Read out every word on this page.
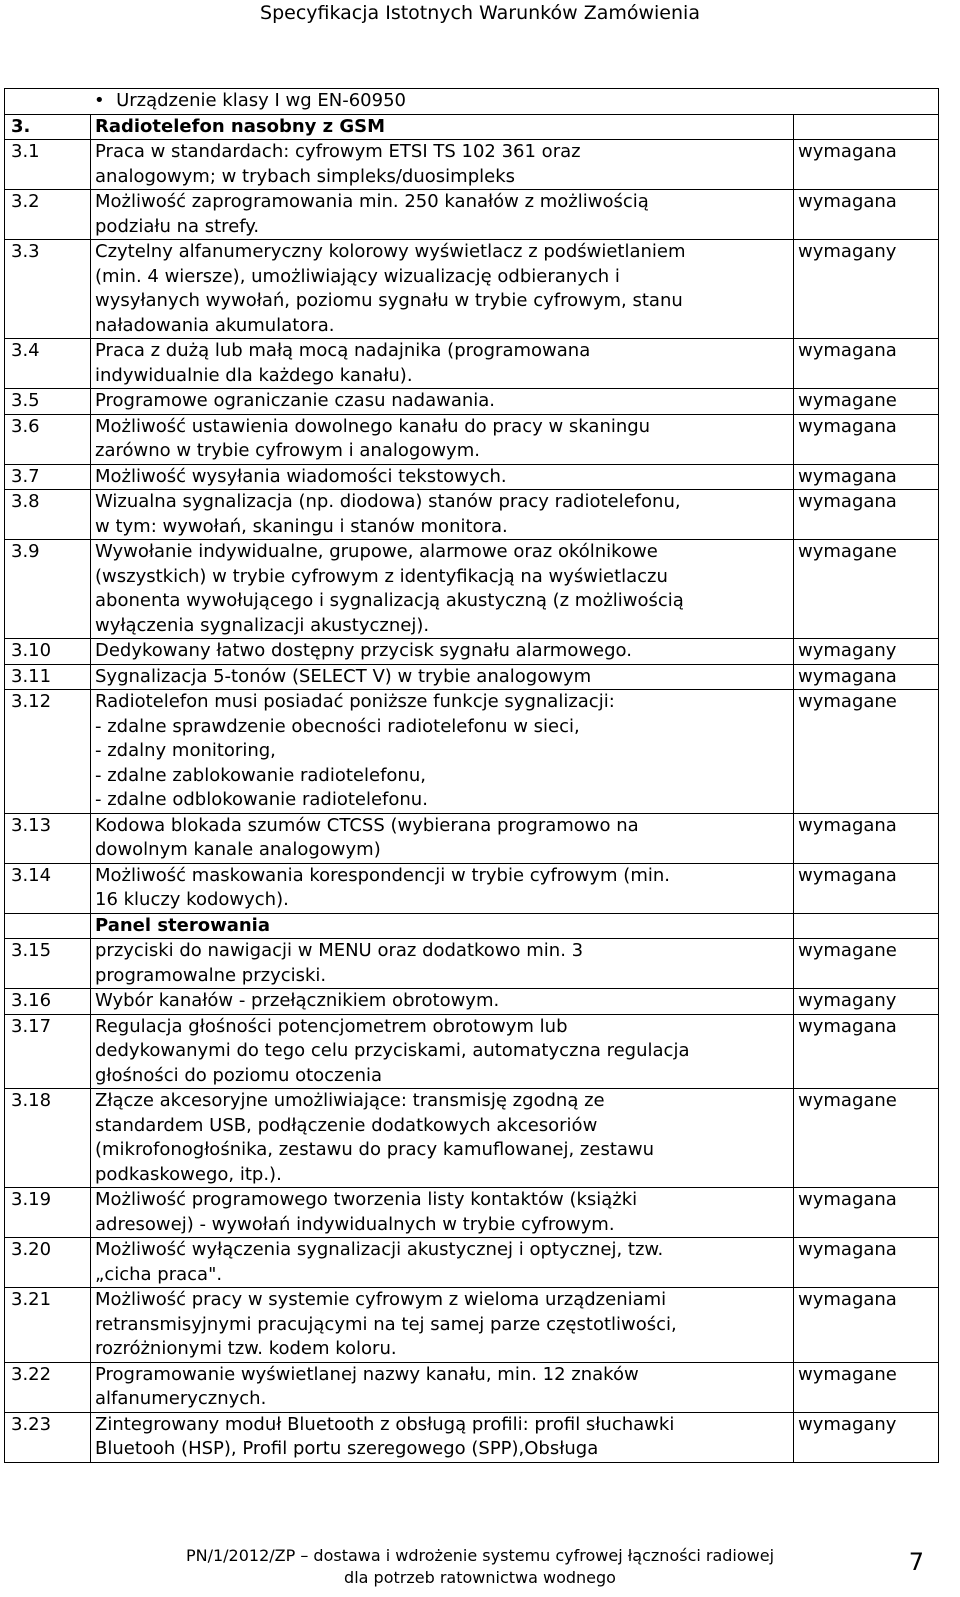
Specyfikacja Istotnych Warunków Zamówienia
•  Urządzenie klasy I wg EN-60950		

3.	Radiotelefon nasobny z GSM	
3.1	Praca w standardach: cyfrowym ETSI TS 102 361 oraz
analogowym; w trybach simpleks/duosimpleks	wymagana
3.2	Możliwość zaprogramowania min. 250 kanałów z możliwością
podziału na strefy.	wymagana
3.3	Czytelny alfanumeryczny kolorowy wyświetlacz z podświetlaniem
(min. 4 wiersze), umożliwiający wizualizację odbieranych i
wysyłanych wywołań, poziomu sygnału w trybie cyfrowym, stanu
naładowania akumulatora.	wymagany
3.4	Praca z dużą lub małą mocą nadajnika (programowana
indywidualnie dla każdego kanału).	wymagana
3.5	Programowe ograniczanie czasu nadawania.	wymagane
3.6	Możliwość ustawienia dowolnego kanału do pracy w skaningu
zarówno w trybie cyfrowym i analogowym.	wymagana
3.7	Możliwość wysyłania wiadomości tekstowych.	wymagana
3.8	Wizualna sygnalizacja (np. diodowa) stanów pracy radiotelefonu,
w tym: wywołań, skaningu i stanów monitora.	wymagana
3.9	Wywołanie indywidualne, grupowe, alarmowe oraz okólnikowe
(wszystkich) w trybie cyfrowym z identyfikacją na wyświetlaczu
abonenta wywołującego i sygnalizacją akustyczną (z możliwością
wyłączenia sygnalizacji akustycznej).	wymagane
3.10	Dedykowany łatwo dostępny przycisk sygnału alarmowego.	wymagany
3.11	Sygnalizacja 5-tonów (SELECT V) w trybie analogowym	wymagana
3.12	Radiotelefon musi posiadać poniższe funkcje sygnalizacji:
- zdalne sprawdzenie obecności radiotelefonu w sieci,
- zdalny monitoring,
- zdalne zablokowanie radiotelefonu,
- zdalne odblokowanie radiotelefonu.	wymagane
3.13	Kodowa blokada szumów CTCSS (wybierana programowo na
dowolnym kanale analogowym)	wymagana
3.14	Możliwość maskowania korespondencji w trybie cyfrowym (min.
16 kluczy kodowych).	wymagana
	Panel sterowania	
3.15	przyciski do nawigacji w MENU oraz dodatkowo min. 3
programowalne przyciski.	wymagane
3.16	Wybór kanałów - przełącznikiem obrotowym.	wymagany
3.17	Regulacja głośności potencjometrem obrotowym lub
dedykowanymi do tego celu przyciskami, automatyczna regulacja
głośności do poziomu otoczenia	wymagana
3.18	Złącze akcesoryjne umożliwiające: transmisję zgodną ze
standardem USB, podłączenie dodatkowych akcesoriów
(mikrofonogłośnika, zestawu do pracy kamuflowanej, zestawu
podkaskowego, itp.).	wymagane
3.19	Możliwość programowego tworzenia listy kontaktów (książki
adresowej) - wywołań indywidualnych w trybie cyfrowym.	wymagana
3.20	Możliwość wyłączenia sygnalizacji akustycznej i optycznej, tzw.
„cicha praca".	wymagana
3.21	Możliwość pracy w systemie cyfrowym z wieloma urządzeniami
retransmisyjnymi pracującymi na tej samej parze częstotliwości,
rozróżnionymi tzw. kodem koloru.	wymagana
3.22	Programowanie wyświetlanej nazwy kanału, min. 12 znaków
alfanumerycznych.	wymagane
3.23	Zintegrowany moduł Bluetooth z obsługą profili: profil słuchawki
Bluetooh (HSP), Profil portu szeregowego (SPP),Obsługa	wymagany
PN/1/2012/ZP – dostawa i wdrożenie systemu cyfrowej łączności radiowej
dla potrzeb ratownictwa wodnego
7
